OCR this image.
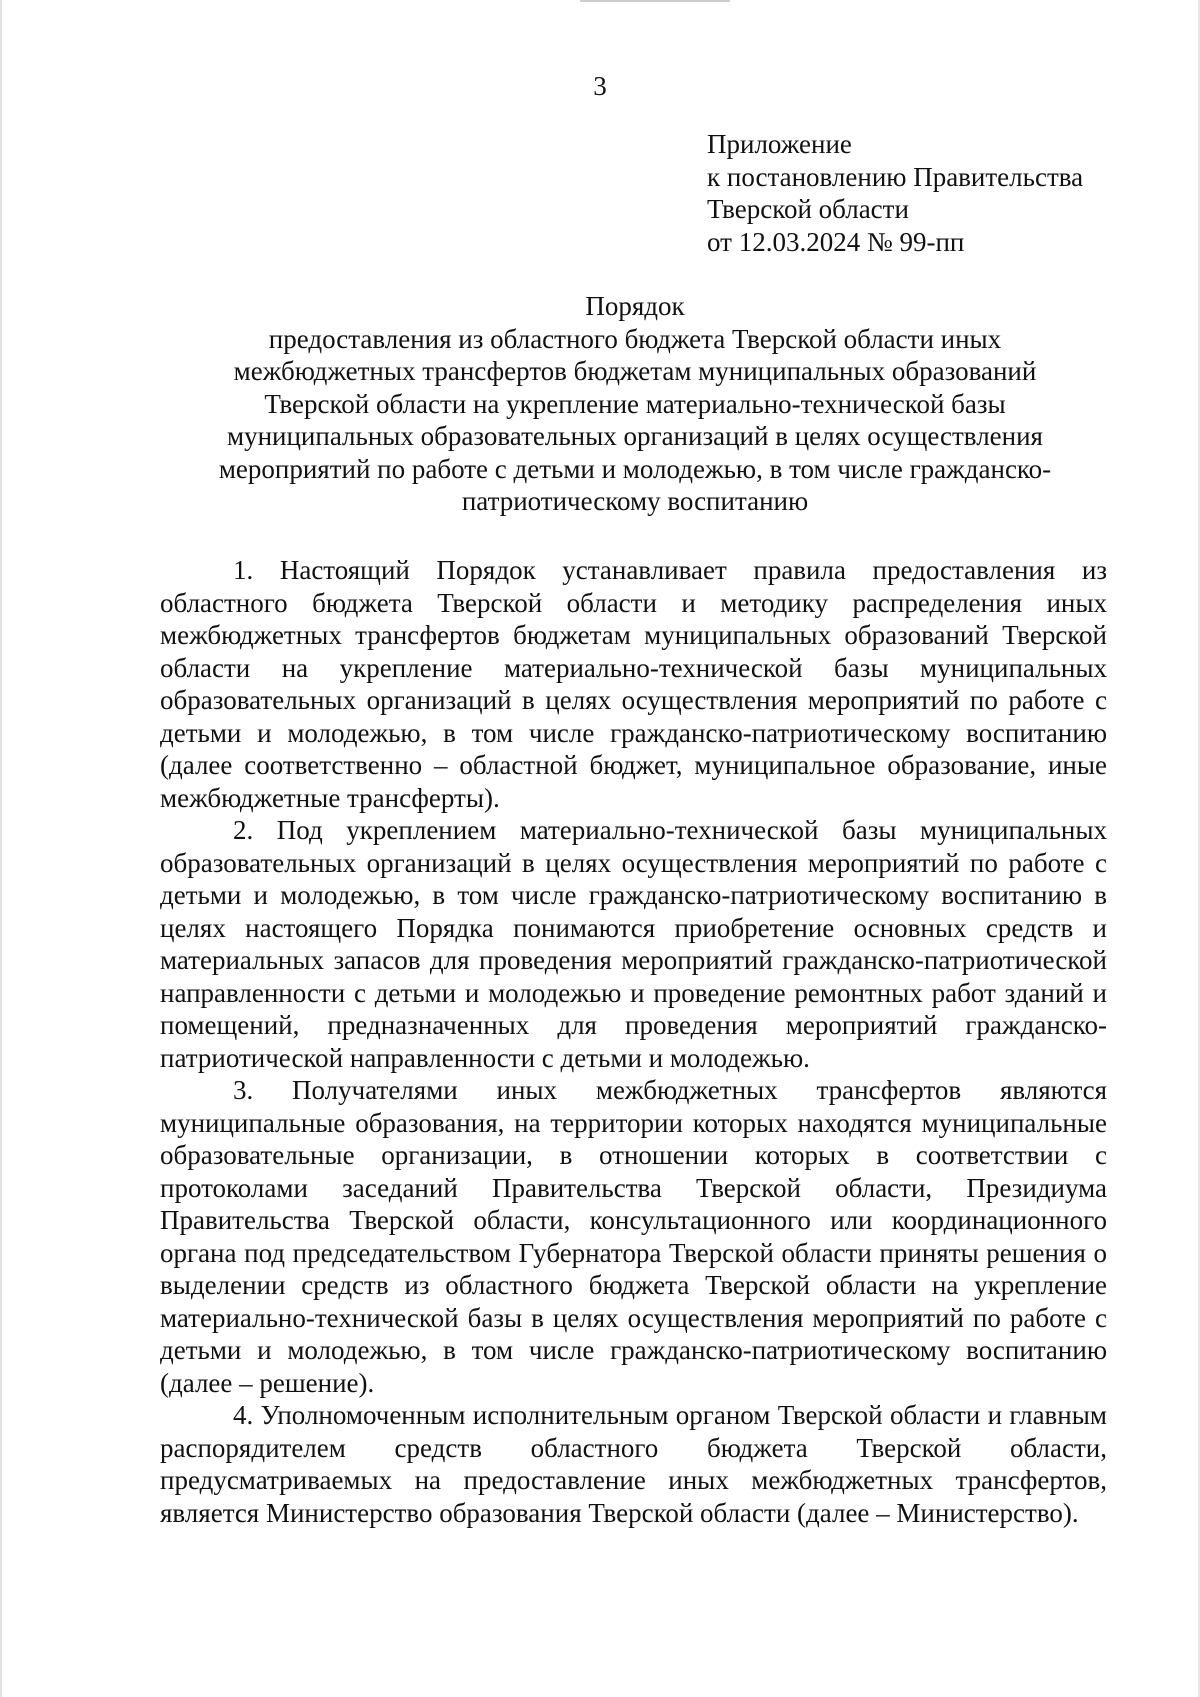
3
Приложение
к постановлению Правительства
Тверской области
от 12.03.2024 № 99-пп
Порядок
предоставления из областного бюджета Тверской области иных
межбюджетных трансфертов бюджетам муниципальных образований
Тверской области на укрепление материально-технической базы
муниципальных образовательных организаций в целях осуществления
мероприятий по работе с детьми и молодежью, в том числе гражданско-
патриотическому воспитанию

1. Настоящий Порядок устанавливает правила предоставления из областного бюджета Тверской области и методику распределения иных межбюджетных трансфертов бюджетам муниципальных образований Тверской области на укрепление материально-технической базы муниципальных образовательных организаций в целях осуществления мероприятий по работе с детьми и молодежью, в том числе гражданско-патриотическому воспитанию (далее соответственно – областной бюджет, муниципальное образование, иные межбюджетные трансферты).

2. Под укреплением материально-технической базы муниципальных образовательных организаций в целях осуществления мероприятий по работе с детьми и молодежью, в том числе гражданско-патриотическому воспитанию в целях настоящего Порядка понимаются приобретение основных средств и материальных запасов для проведения мероприятий гражданско-патриотической направленности с детьми и молодежью и проведение ремонтных работ зданий и помещений, предназначенных для проведения мероприятий гражданско-патриотической направленности с детьми и молодежью.

3. Получателями иных межбюджетных трансфертов являются муниципальные образования, на территории которых находятся муниципальные образовательные организации, в отношении которых в соответствии с протоколами заседаний Правительства Тверской области, Президиума Правительства Тверской области, консультационного или координационного органа под председательством Губернатора Тверской области приняты решения о выделении средств из областного бюджета Тверской области на укрепление материально-технической базы в целях осуществления мероприятий по работе с детьми и молодежью, в том числе гражданско-патриотическому воспитанию (далее – решение).

4. Уполномоченным исполнительным органом Тверской области и главным распорядителем средств областного бюджета Тверской области, предусматриваемых на предоставление иных межбюджетных трансфертов, является Министерство образования Тверской области (далее – Министерство).
